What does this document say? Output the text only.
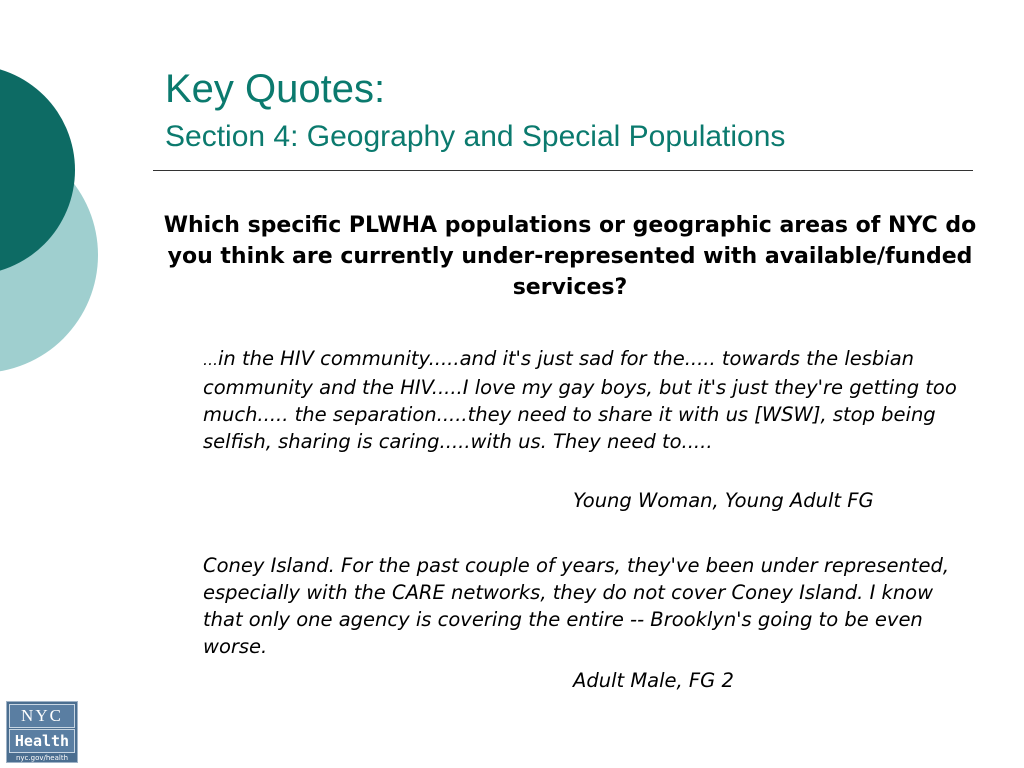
Key Quotes:
Section 4: Geography and Special Populations
Which specific PLWHA populations or geographic areas of NYC do you think are currently under-represented with available/funded services?
…in the HIV community.....and it's just sad for the..... towards the lesbian community and the HIV.....I love my gay boys, but it's just they're getting too much..... the separation.....they need to share it with us [WSW], stop being selfish, sharing is caring.....with us. They need to.....
Young Woman, Young Adult FG
Coney Island. For the past couple of years, they've been under represented, especially with the CARE networks, they do not cover Coney Island. I know that only one agency is covering the entire -- Brooklyn's going to be even worse.
Adult Male, FG 2
NYC
Health
nyc.gov/health
